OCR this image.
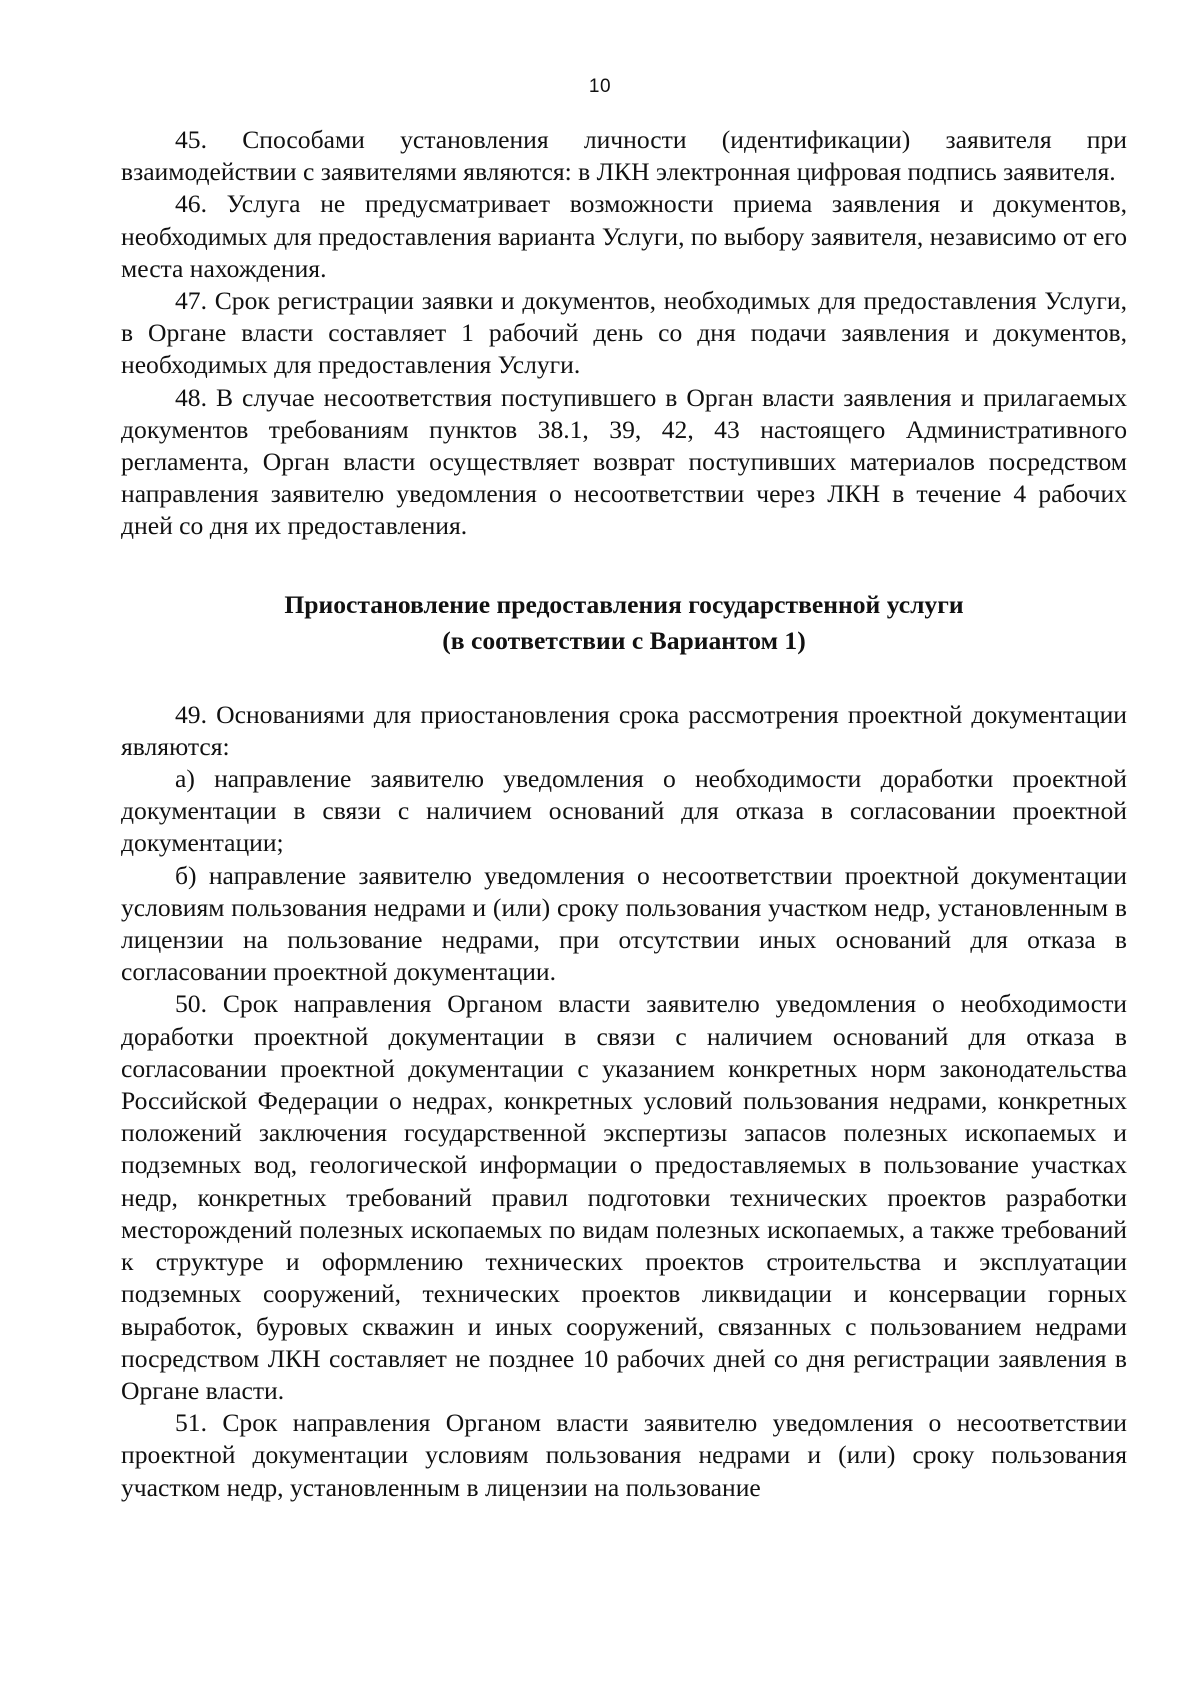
10

45. Способами установления личности (идентификации) заявителя при взаимодействии с заявителями являются: в ЛКН электронная цифровая подпись заявителя.

46. Услуга не предусматривает возможности приема заявления и документов, необходимых для предоставления варианта Услуги, по выбору заявителя, независимо от его места нахождения.

47. Срок регистрации заявки и документов, необходимых для предоставления Услуги, в Органе власти составляет 1 рабочий день со дня подачи заявления и документов, необходимых для предоставления Услуги.

48. В случае несоответствия поступившего в Орган власти заявления и прилагаемых документов требованиям пунктов 38.1, 39, 42, 43 настоящего Административного регламента, Орган власти осуществляет возврат поступивших материалов посредством направления заявителю уведомления о несоответствии через ЛКН в течение 4 рабочих дней со дня их предоставления.

Приостановление предоставления государственной услуги
(в соответствии с Вариантом 1)

49. Основаниями для приостановления срока рассмотрения проектной документации являются:

а) направление заявителю уведомления о необходимости доработки проектной документации в связи с наличием оснований для отказа в согласовании проектной документации;

б) направление заявителю уведомления о несоответствии проектной документации условиям пользования недрами и (или) сроку пользования участком недр, установленным в лицензии на пользование недрами, при отсутствии иных оснований для отказа в согласовании проектной документации.

50. Срок направления Органом власти заявителю уведомления о необходимости доработки проектной документации в связи с наличием оснований для отказа в согласовании проектной документации с указанием конкретных норм законодательства Российской Федерации о недрах, конкретных условий пользования недрами, конкретных положений заключения государственной экспертизы запасов полезных ископаемых и подземных вод, геологической информации о предоставляемых в пользование участках недр, конкретных требований правил подготовки технических проектов разработки месторождений полезных ископаемых по видам полезных ископаемых, а также требований к структуре и оформлению технических проектов строительства и эксплуатации подземных сооружений, технических проектов ликвидации и консервации горных выработок, буровых скважин и иных сооружений, связанных с пользованием недрами посредством ЛКН составляет не позднее 10 рабочих дней со дня регистрации заявления в Органе власти.

51. Срок направления Органом власти заявителю уведомления о несоответствии проектной документации условиям пользования недрами и (или) сроку пользования участком недр, установленным в лицензии на пользование
